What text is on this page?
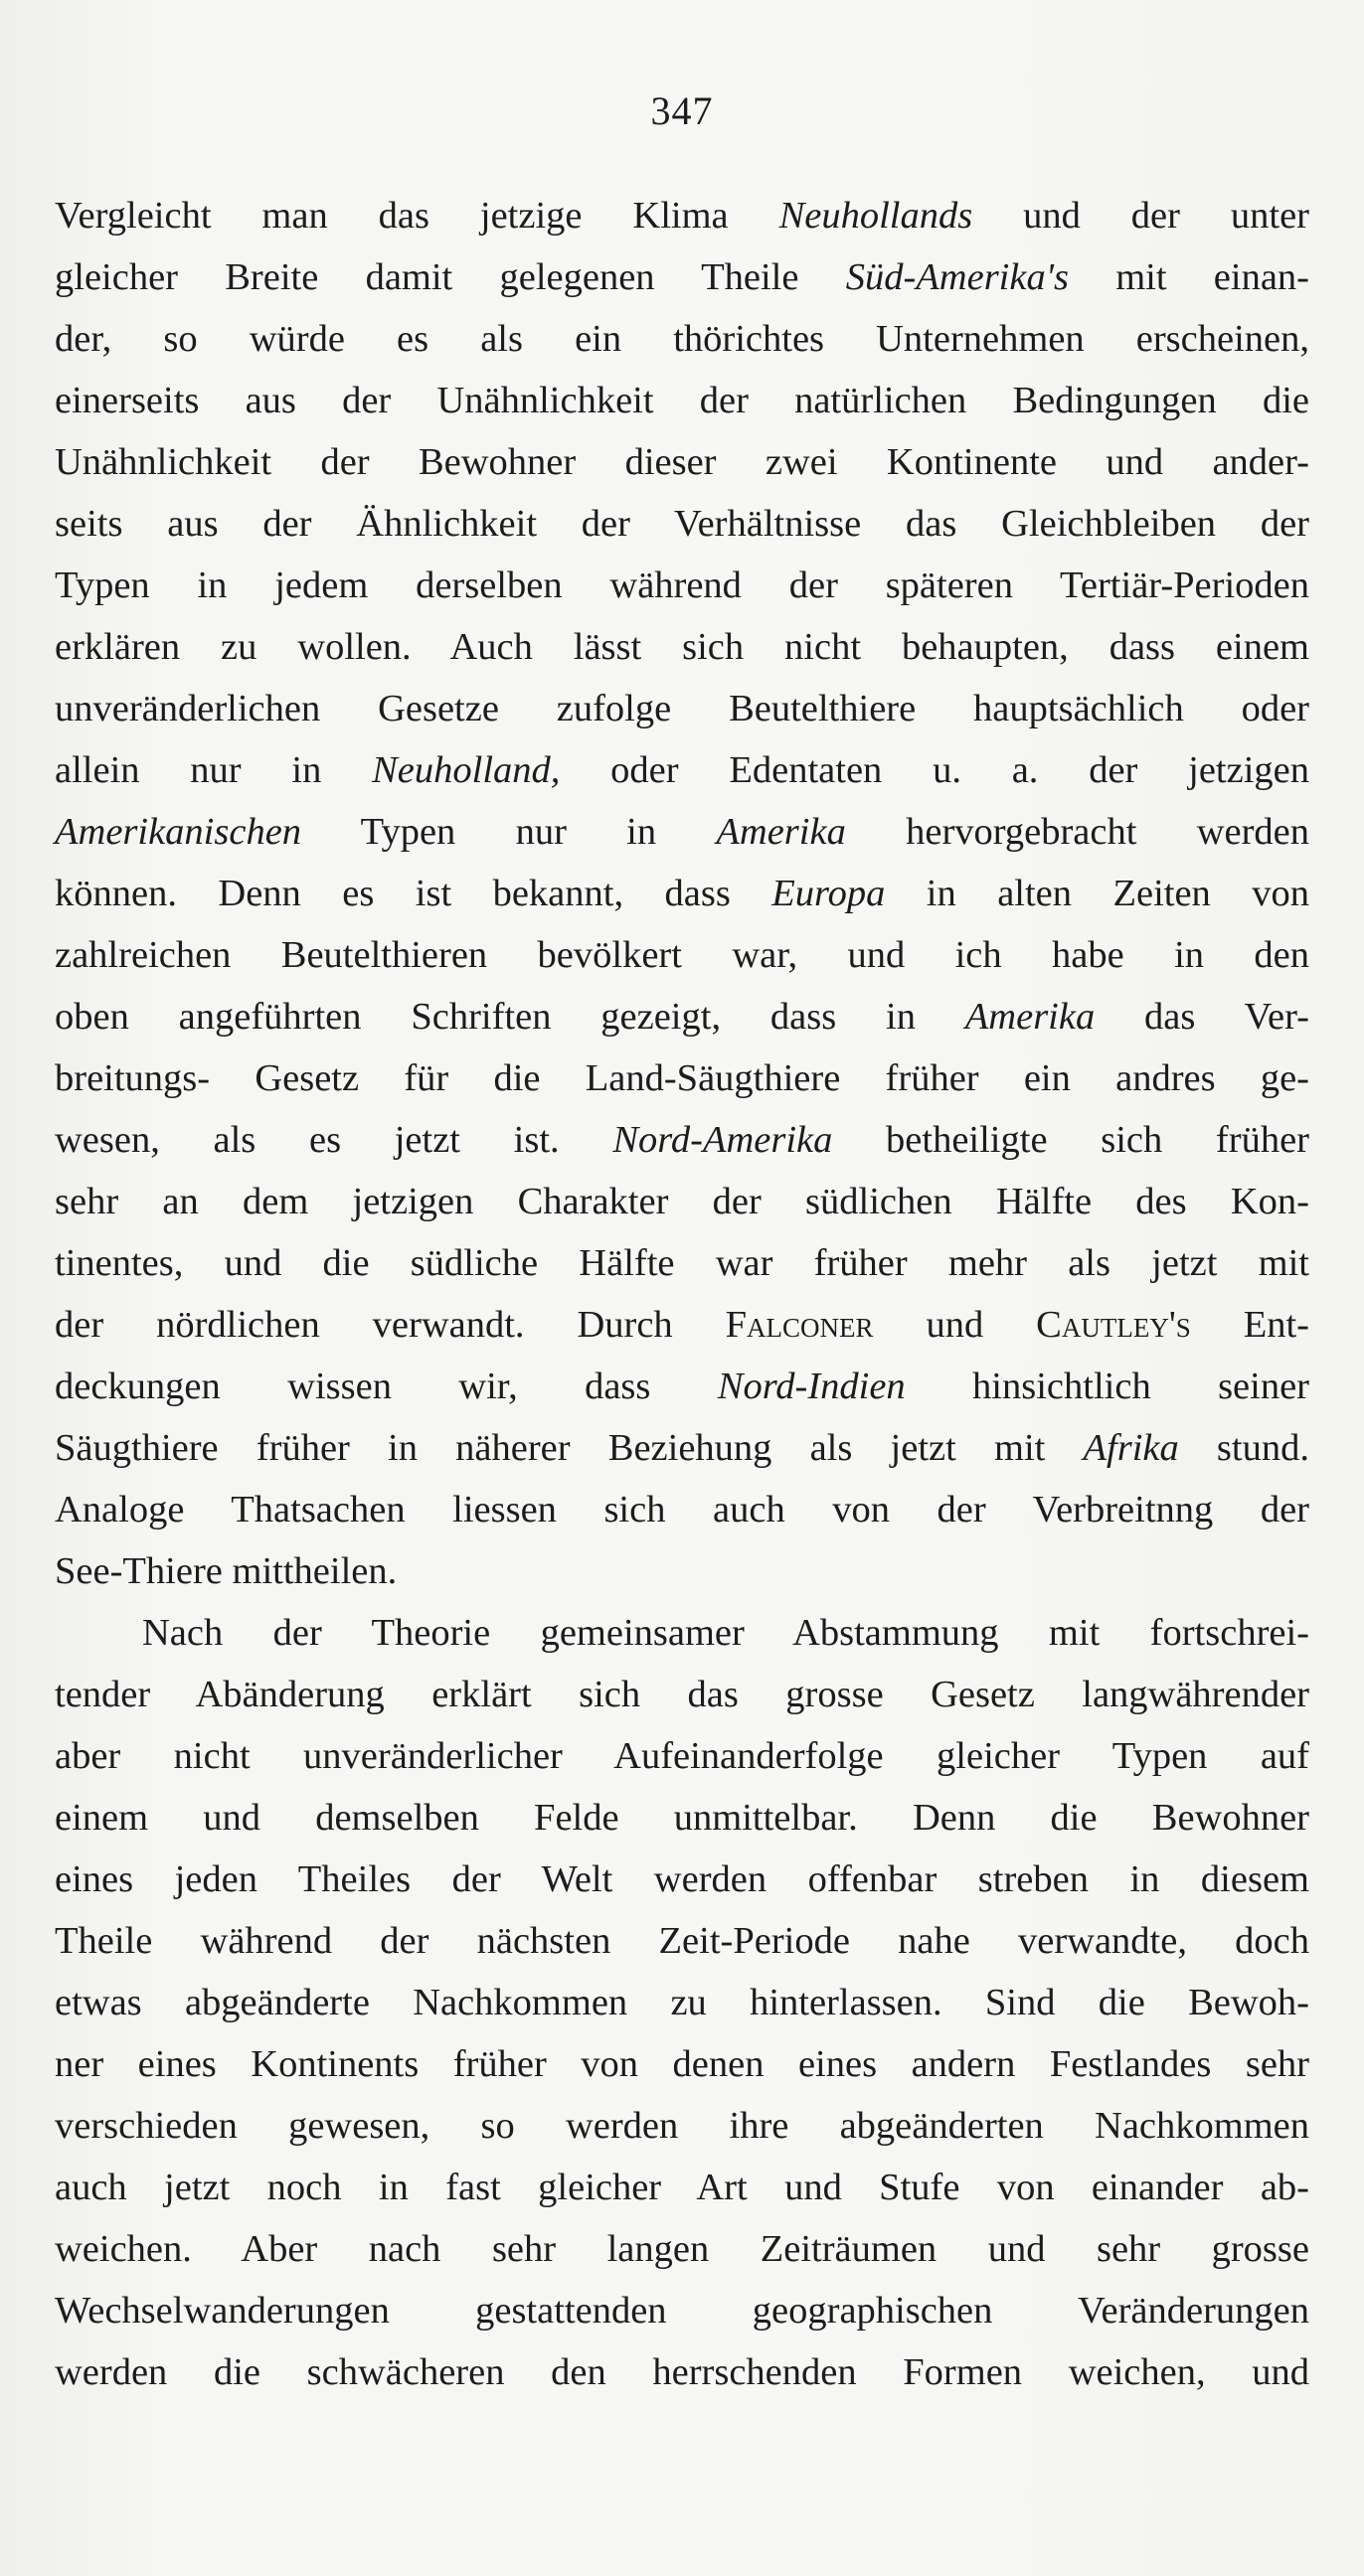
347
Vergleicht man das jetzige Klima Neuhollands und der unter
gleicher Breite damit gelegenen Theile Süd-Amerika's mit einan-
der, so würde es als ein thörichtes Unternehmen erscheinen,
einerseits aus der Unähnlichkeit der natürlichen Bedingungen die
Unähnlichkeit der Bewohner dieser zwei Kontinente und ander-
seits aus der Ähnlichkeit der Verhältnisse das Gleichbleiben der
Typen in jedem derselben während der späteren Tertiär-Perioden
erklären zu wollen. Auch lässt sich nicht behaupten, dass einem
unveränderlichen Gesetze zufolge Beutelthiere hauptsächlich oder
allein nur in Neuholland, oder Edentaten u. a. der jetzigen
Amerikanischen Typen nur in Amerika hervorgebracht werden
können. Denn es ist bekannt, dass Europa in alten Zeiten von
zahlreichen Beutelthieren bevölkert war, und ich habe in den
oben angeführten Schriften gezeigt, dass in Amerika das Ver-
breitungs- Gesetz für die Land-Säugthiere früher ein andres ge-
wesen, als es jetzt ist. Nord-Amerika betheiligte sich früher
sehr an dem jetzigen Charakter der südlichen Hälfte des Kon-
tinentes, und die südliche Hälfte war früher mehr als jetzt mit
der nördlichen verwandt. Durch Falconer und Cautley's Ent-
deckungen wissen wir, dass Nord-Indien hinsichtlich seiner
Säugthiere früher in näherer Beziehung als jetzt mit Afrika stund.
Analoge Thatsachen liessen sich auch von der Verbreitnng der
See-Thiere mittheilen.
Nach der Theorie gemeinsamer Abstammung mit fortschrei-
tender Abänderung erklärt sich das grosse Gesetz langwährender
aber nicht unveränderlicher Aufeinanderfolge gleicher Typen auf
einem und demselben Felde unmittelbar. Denn die Bewohner
eines jeden Theiles der Welt werden offenbar streben in diesem
Theile während der nächsten Zeit-Periode nahe verwandte, doch
etwas abgeänderte Nachkommen zu hinterlassen. Sind die Bewoh-
ner eines Kontinents früher von denen eines andern Festlandes sehr
verschieden gewesen, so werden ihre abgeänderten Nachkommen
auch jetzt noch in fast gleicher Art und Stufe von einander ab-
weichen. Aber nach sehr langen Zeiträumen und sehr grosse
Wechselwanderungen gestattenden geographischen Veränderungen
werden die schwächeren den herrschenden Formen weichen, und
